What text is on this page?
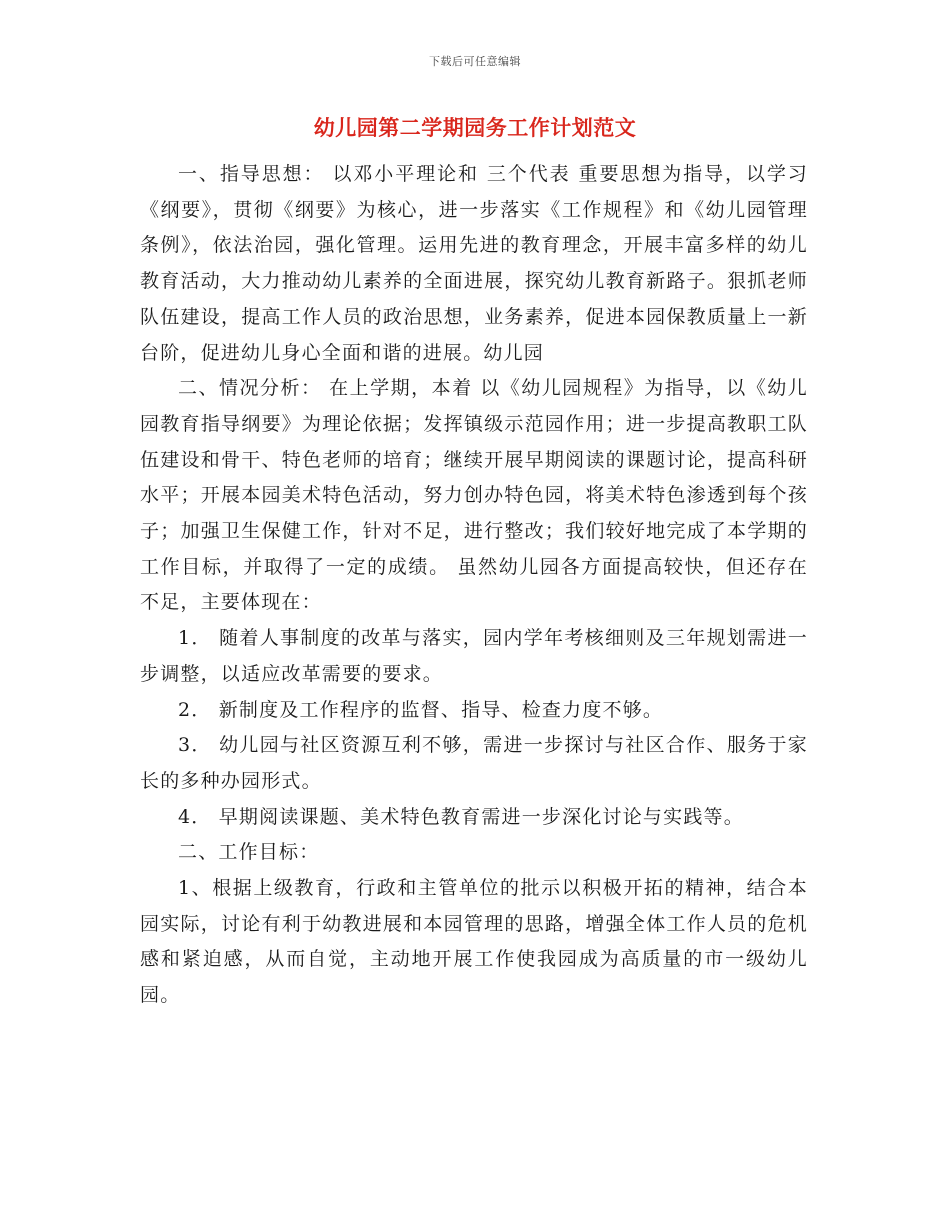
下载后可任意编辑
幼儿园第二学期园务工作计划范文

一、指导思想： 以邓小平理论和 三个代表 重要思想为指导，以学习《纲要》，贯彻《纲要》为核心，进一步落实《工作规程》和《幼儿园管理条例》，依法治园，强化管理。运用先进的教育理念，开展丰富多样的幼儿教育活动，大力推动幼儿素养的全面进展，探究幼儿教育新路子。狠抓老师队伍建设，提高工作人员的政治思想，业务素养，促进本园保教质量上一新台阶，促进幼儿身心全面和谐的进展。幼儿园

二、情况分析： 在上学期，本着 以《幼儿园规程》为指导，以《幼儿园教育指导纲要》为理论依据；发挥镇级示范园作用；进一步提高教职工队伍建设和骨干、特色老师的培育；继续开展早期阅读的课题讨论，提高科研水平；开展本园美术特色活动，努力创办特色园，将美术特色渗透到每个孩子；加强卫生保健工作，针对不足，进行整改；我们较好地完成了本学期的工作目标，并取得了一定的成绩。 虽然幼儿园各方面提高较快，但还存在不足，主要体现在：

1． 随着人事制度的改革与落实，园内学年考核细则及三年规划需进一步调整，以适应改革需要的要求。

2． 新制度及工作程序的监督、指导、检查力度不够。

3． 幼儿园与社区资源互利不够，需进一步探讨与社区合作、服务于家长的多种办园形式。

4． 早期阅读课题、美术特色教育需进一步深化讨论与实践等。

二、工作目标：

1、根据上级教育，行政和主管单位的批示以积极开拓的精神，结合本园实际，讨论有利于幼教进展和本园管理的思路，增强全体工作人员的危机感和紧迫感，从而自觉，主动地开展工作使我园成为高质量的市一级幼儿园。
